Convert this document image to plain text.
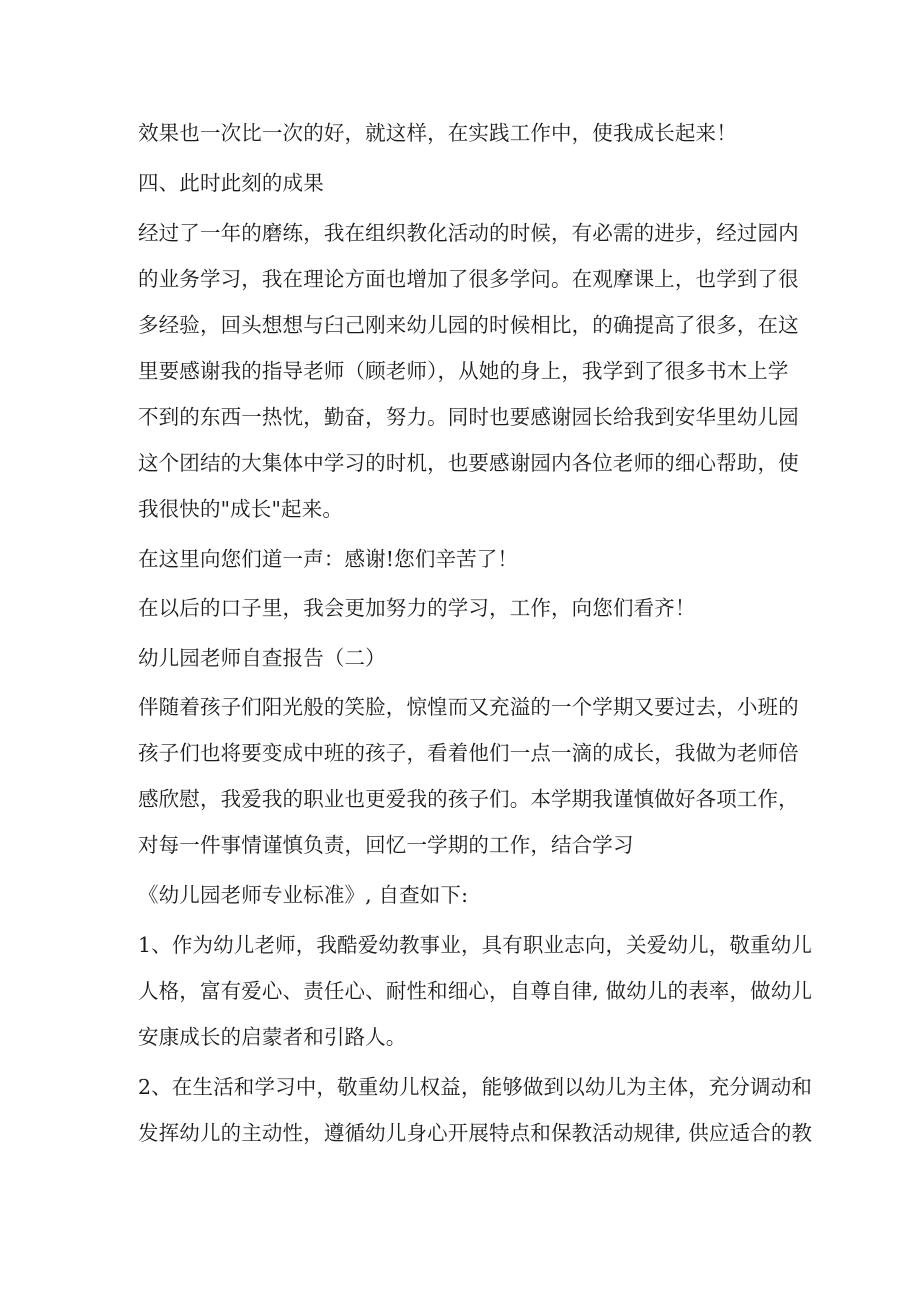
效果也一次比一次的好，就这样，在实践工作中，使我成长起来！
四、此时此刻的成果
经过了一年的磨练，我在组织教化活动的时候，有必需的进步，经过园内
的业务学习，我在理论方面也增加了很多学问。在观摩课上，也学到了很
多经验，回头想想与臼己刚来幼儿园的时候相比，的确提高了很多，在这
里要感谢我的指导老师（顾老师），从她的身上，我学到了很多书木上学
不到的东西一热忱，勤奋，努力。同时也要感谢园长给我到安华里幼儿园
这个团结的大集体中学习的时机，也要感谢园内各位老师的细心帮助，使
我很快的"成长"起来。
在这里向您们道一声：感谢!您们辛苦了！
在以后的口子里，我会更加努力的学习，工作，向您们看齐！
幼儿园老师自查报告（二）
伴随着孩子们阳光般的笑脸，惊惶而又充溢的一个学期又要过去，小班的
孩子们也将要变成中班的孩子，看着他们一点一滴的成长，我做为老师倍
感欣慰，我爱我的职业也更爱我的孩子们。本学期我谨慎做好各项工作，
对每一件事情谨慎负责，回忆一学期的工作，结合学习
《幼儿园老师专业标准》, 自查如下:
1、作为幼儿老师，我酷爱幼教事业，具有职业志向，关爱幼儿，敬重幼儿
人格，富有爱心、责任心、耐性和细心，自尊自律, 做幼儿的表率，做幼儿
安康成长的启蒙者和引路人。
2、在生活和学习中，敬重幼儿权益，能够做到以幼儿为主体，充分调动和
发挥幼儿的主动性，遵循幼儿身心开展特点和保教活动规律, 供应适合的教
